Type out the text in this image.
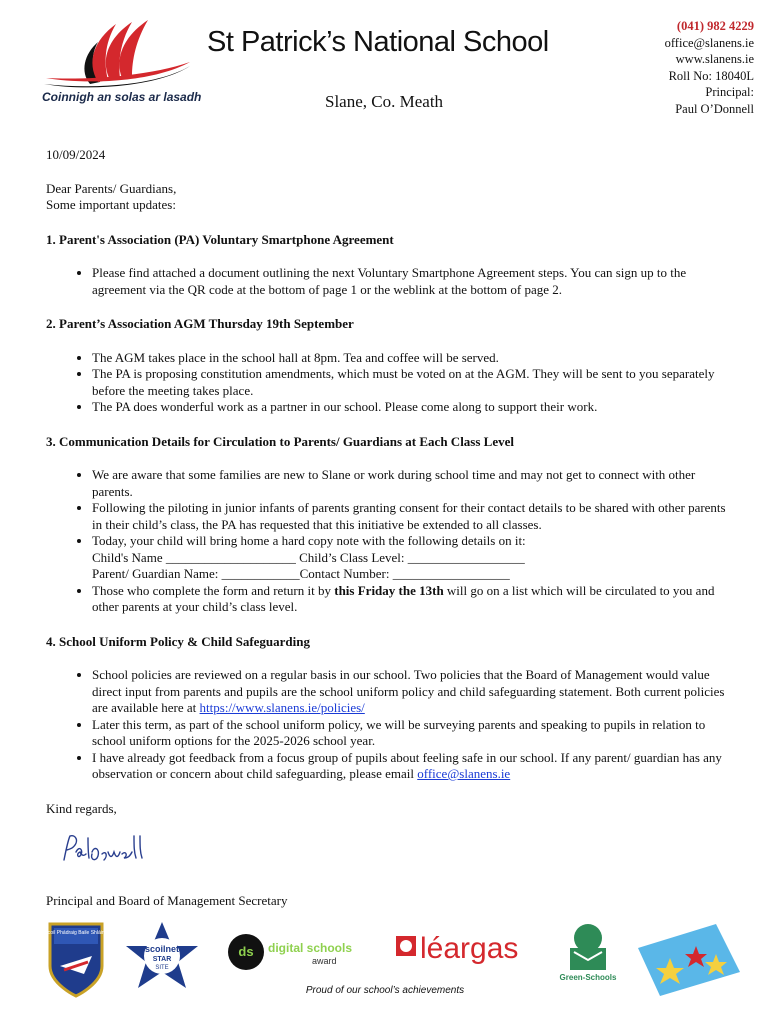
Coinnigh an solas ar lasadh
St Patrick’s National School
Slane, Co. Meath
(041) 982 4229
office@slanens.ie
www.slanens.ie
Roll No: 18040L
Principal:
Paul O’Donnell

10/09/2024

Dear Parents/ Guardians,

Some important updates:

1. Parent's Association (PA) Voluntary Smartphone Agreement
• Please find attached a document outlining the next Voluntary Smartphone Agreement steps. You can sign up to the agreement via the QR code at the bottom of page 1 or the weblink at the bottom of page 2.
2. Parent’s Association AGM Thursday 19th September
• The AGM takes place in the school hall at 8pm. Tea and coffee will be served.
• The PA is proposing constitution amendments, which must be voted on at the AGM. They will be sent to you separately before the meeting takes place.
• The PA does wonderful work as a partner in our school. Please come along to support their work.
3. Communication Details for Circulation to Parents/ Guardians at Each Class Level
• We are aware that some families are new to Slane or work during school time and may not get to connect with other parents.
• Following the piloting in junior infants of parents granting consent for their contact details to be shared with other parents in their child’s class, the PA has requested that this initiative be extended to all classes.
• Today, your child will bring home a hard copy note with the following details on it:
Child's Name ____________________ Child’s Class Level: __________________
Parent/ Guardian Name: ____________Contact Number: __________________
• Those who complete the form and return it by this Friday the 13th will go on a list which will be circulated to you and other parents at your child’s class level.
4. School Uniform Policy & Child Safeguarding
• School policies are reviewed on a regular basis in our school. Two policies that the Board of Management would value direct input from parents and pupils are the school uniform policy and child safeguarding statement. Both current policies are available here at https://www.slanens.ie/policies/
• Later this term, as part of the school uniform policy, we will be surveying parents and speaking to pupils in relation to school uniform options for the 2025-2026 school year.
• I have already got feedback from a focus group of pupils about feeling safe in our school. If any parent/ guardian has any observation or concern about child safeguarding, please email office@slanens.ie

Kind regards,

Principal and Board of Management Secretary
Scoil Phádraig Baile Shláine
scoilnet
STAR
SITE
ds digital schools
award	léargas
Green-Schools
Proud of our school’s achievements
